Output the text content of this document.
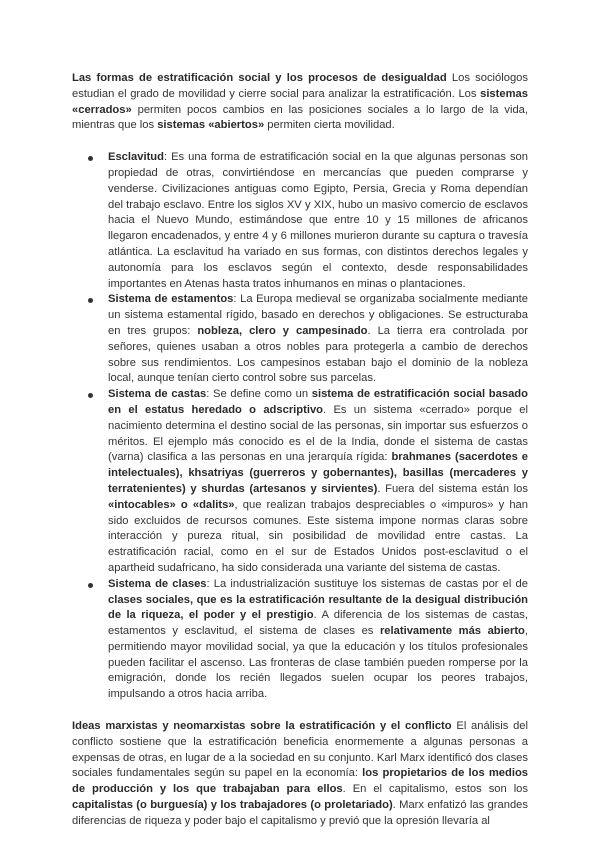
Las formas de estratificación social y los procesos de desigualdad Los sociólogos estudian el grado de movilidad y cierre social para analizar la estratificación. Los sistemas «cerrados» permiten pocos cambios en las posiciones sociales a lo largo de la vida, mientras que los sistemas «abiertos» permiten cierta movilidad.

Esclavitud: Es una forma de estratificación social en la que algunas personas son propiedad de otras, convirtiéndose en mercancías que pueden comprarse y venderse. Civilizaciones antiguas como Egipto, Persia, Grecia y Roma dependían del trabajo esclavo. Entre los siglos XV y XIX, hubo un masivo comercio de esclavos hacia el Nuevo Mundo, estimándose que entre 10 y 15 millones de africanos llegaron encadenados, y entre 4 y 6 millones murieron durante su captura o travesía atlántica. La esclavitud ha variado en sus formas, con distintos derechos legales y autonomía para los esclavos según el contexto, desde responsabilidades importantes en Atenas hasta tratos inhumanos en minas o plantaciones.
Sistema de estamentos: La Europa medieval se organizaba socialmente mediante un sistema estamental rígido, basado en derechos y obligaciones. Se estructuraba en tres grupos: nobleza, clero y campesinado. La tierra era controlada por señores, quienes usaban a otros nobles para protegerla a cambio de derechos sobre sus rendimientos. Los campesinos estaban bajo el dominio de la nobleza local, aunque tenían cierto control sobre sus parcelas.
Sistema de castas: Se define como un sistema de estratificación social basado en el estatus heredado o adscriptivo. Es un sistema «cerrado» porque el nacimiento determina el destino social de las personas, sin importar sus esfuerzos o méritos. El ejemplo más conocido es el de la India, donde el sistema de castas (varna) clasifica a las personas en una jerarquía rígida: brahmanes (sacerdotes e intelectuales), khsatriyas (guerreros y gobernantes), basillas (mercaderes y terratenientes) y shurdas (artesanos y sirvientes). Fuera del sistema están los «intocables» o «dalits», que realizan trabajos despreciables o «impuros» y han sido excluidos de recursos comunes. Este sistema impone normas claras sobre interacción y pureza ritual, sin posibilidad de movilidad entre castas. La estratificación racial, como en el sur de Estados Unidos post-esclavitud o el apartheid sudafricano, ha sido considerada una variante del sistema de castas.
Sistema de clases: La industrialización sustituye los sistemas de castas por el de clases sociales, que es la estratificación resultante de la desigual distribución de la riqueza, el poder y el prestigio. A diferencia de los sistemas de castas, estamentos y esclavitud, el sistema de clases es relativamente más abierto, permitiendo mayor movilidad social, ya que la educación y los títulos profesionales pueden facilitar el ascenso. Las fronteras de clase también pueden romperse por la emigración, donde los recién llegados suelen ocupar los peores trabajos, impulsando a otros hacia arriba.

Ideas marxistas y neomarxistas sobre la estratificación y el conflicto El análisis del conflicto sostiene que la estratificación beneficia enormemente a algunas personas a expensas de otras, en lugar de a la sociedad en su conjunto. Karl Marx identificó dos clases sociales fundamentales según su papel en la economía: los propietarios de los medios de producción y los que trabajaban para ellos. En el capitalismo, estos son los capitalistas (o burguesía) y los trabajadores (o proletariado). Marx enfatizó las grandes diferencias de riqueza y poder bajo el capitalismo y previó que la opresión llevaría al
